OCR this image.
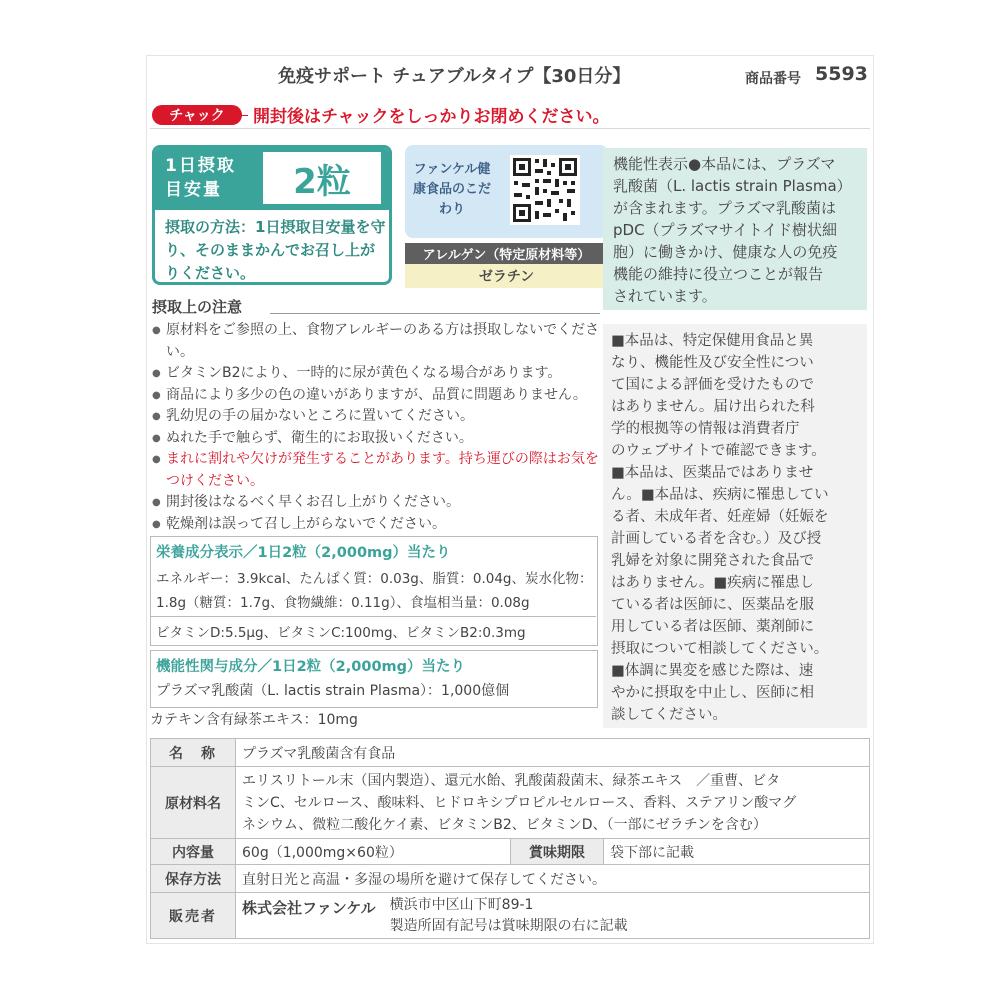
免疫サポート チュアブルタイプ【30日分】	商品番号 5593
チャック	開封後はチャックをしっかりお閉めください。
1日摂取
目安量	2粒
摂取の方法：1日摂取目安量を守り、そのままかんでお召し上がりください。
ファンケル健康食品のこだわり
アレルゲン（特定原材料等）
ゼラチン
機能性表示●本品には、プラズマ
乳酸菌（L. lactis strain Plasma）
が含まれます。プラズマ乳酸菌は
pDC（プラズマサイトイド樹状細
胞）に働きかけ、健康な人の免疫
機能の維持に役立つことが報告
されています。
摂取上の注意
● 原材料をご参照の上、食物アレルギーのある方は摂取しないでください。
● ビタミンB2により、一時的に尿が黄色くなる場合があります。
● 商品により多少の色の違いがありますが、品質に問題ありません。
● 乳幼児の手の届かないところに置いてください。
● ぬれた手で触らず、衛生的にお取扱いください。
● まれに割れや欠けが発生することがあります。持ち運びの際はお気をつけください。
● 開封後はなるべく早くお召し上がりください。
● 乾燥剤は誤って召し上がらないでください。
■本品は、特定保健用食品と異
なり、機能性及び安全性につい
て国による評価を受けたもので
はありません。届け出られた科
学的根拠等の情報は消費者庁
のウェブサイトで確認できます。
■本品は、医薬品ではありませ
ん。■本品は、疾病に罹患してい
る者、未成年者、妊産婦（妊娠を
計画している者を含む。）及び授
乳婦を対象に開発された食品で
はありません。■疾病に罹患し
ている者は医師に、医薬品を服
用している者は医師、薬剤師に
摂取について相談してください。
■体調に異変を感じた際は、速
やかに摂取を中止し、医師に相
談してください。
栄養成分表示／1日2粒（2,000mg）当たり
エネルギー：3.9kcal、たんぱく質：0.03g、脂質：0.04g、炭水化物：
1.8g（糖質：1.7g、食物繊維：0.11g）、食塩相当量：0.08g
ビタミンD:5.5μg、ビタミンC:100mg、ビタミンB2:0.3mg
機能性関与成分／1日2粒（2,000mg）当たり
プラズマ乳酸菌（L. lactis strain Plasma）：1,000億個
カテキン含有緑茶エキス：10mg
名　称	プラズマ乳酸菌含有食品		
原材料名	エリスリトール末（国内製造）、還元水飴、乳酸菌殺菌末、緑茶エキス　／重曹、ビタ
ミンC、セルロース、酸味料、ヒドロキシプロピルセルロース、香料、ステアリン酸マグ
ネシウム、微粒二酸化ケイ素、ビタミンB2、ビタミンD、（一部にゼラチンを含む）		

内容量	60g（1,000mg×60粒）	賞味期限	袋下部に記載
保存方法	直射日光と高温・多湿の場所を避けて保存してください。		
販売者	株式会社ファンケル 横浜市中区山下町89-1
製造所固有記号は賞味期限の右に記載		
